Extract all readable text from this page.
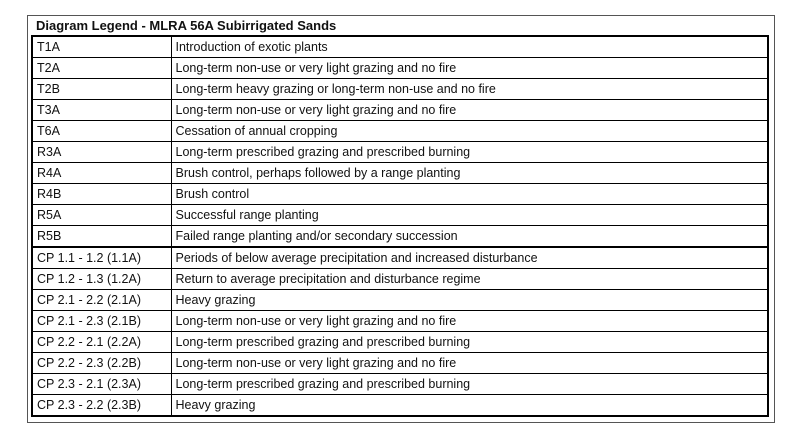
Diagram Legend - MLRA 56A Subirrigated Sands
T1A	Introduction of exotic plants
T2A	Long-term non-use or very light grazing and no fire
T2B	Long-term heavy grazing or long-term non-use and no fire
T3A	Long-term non-use or very light grazing and no fire
T6A	Cessation of annual cropping
R3A	Long-term prescribed grazing and prescribed burning
R4A	Brush control, perhaps followed by a range planting
R4B	Brush control
R5A	Successful range planting
R5B	Failed range planting and/or secondary succession
CP 1.1 - 1.2 (1.1A)	Periods of below average precipitation and increased disturbance
CP 1.2 - 1.3 (1.2A)	Return to average precipitation and disturbance regime
CP 2.1 - 2.2 (2.1A)	Heavy grazing
CP 2.1 - 2.3 (2.1B)	Long-term non-use or very light grazing and no fire
CP 2.2 - 2.1 (2.2A)	Long-term prescribed grazing and prescribed burning
CP 2.2 - 2.3 (2.2B)	Long-term non-use or very light grazing and no fire
CP 2.3 - 2.1 (2.3A)	Long-term prescribed grazing and prescribed burning
CP 2.3 - 2.2 (2.3B)	Heavy grazing
